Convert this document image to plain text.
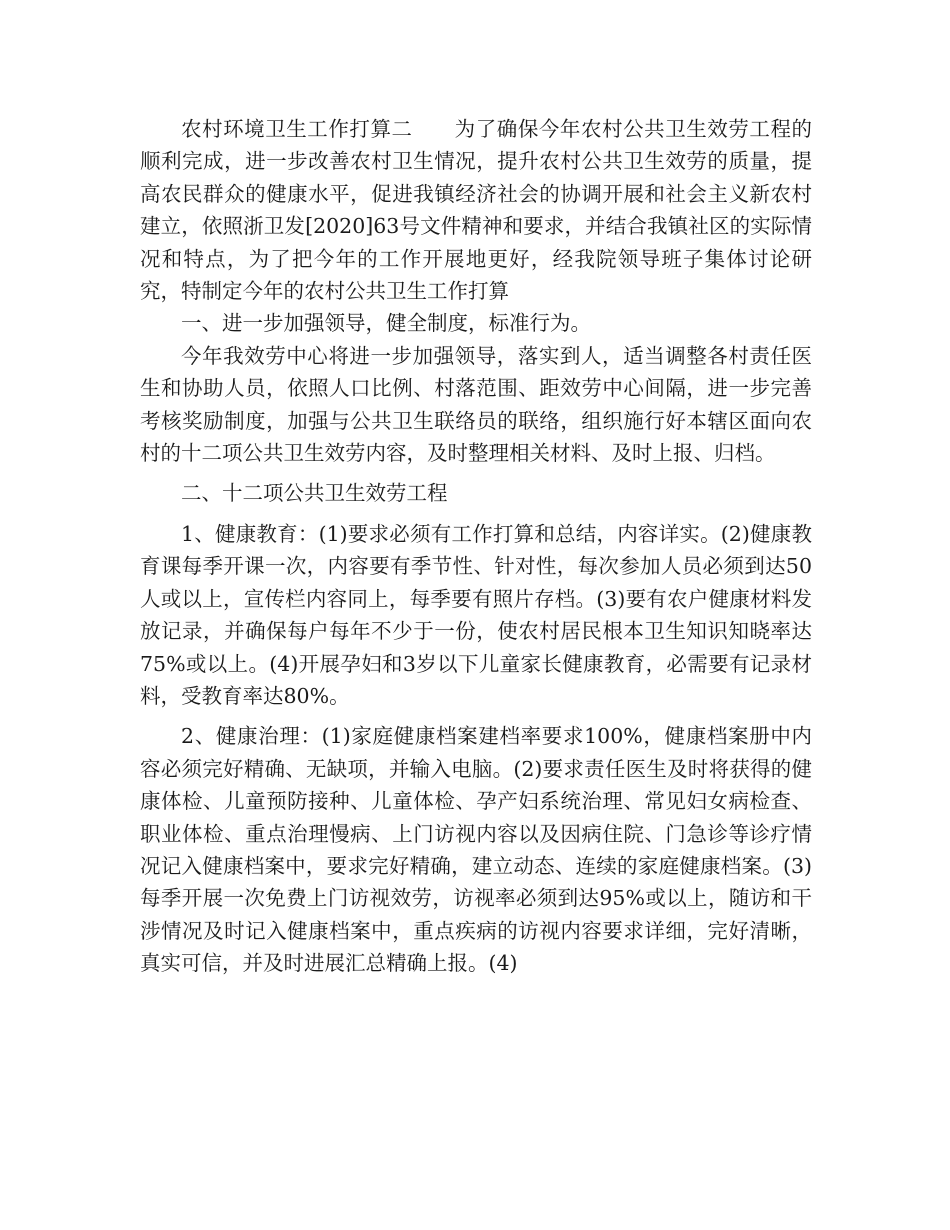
农村环境卫生工作打算二　　为了确保今年农村公共卫生效劳工程的顺利完成，进一步改善农村卫生情况，提升农村公共卫生效劳的质量，提高农民群众的健康水平，促进我镇经济社会的协调开展和社会主义新农村建立，依照浙卫发[2020]63号文件精神和要求，并结合我镇社区的实际情况和特点，为了把今年的工作开展地更好，经我院领导班子集体讨论研究，特制定今年的农村公共卫生工作打算

一、进一步加强领导，健全制度，标准行为。

今年我效劳中心将进一步加强领导，落实到人，适当调整各村责任医生和协助人员，依照人口比例、村落范围、距效劳中心间隔，进一步完善考核奖励制度，加强与公共卫生联络员的联络，组织施行好本辖区面向农村的十二项公共卫生效劳内容，及时整理相关材料、及时上报、归档。

二、十二项公共卫生效劳工程

1、健康教育：(1)要求必须有工作打算和总结，内容详实。(2)健康教育课每季开课一次，内容要有季节性、针对性，每次参加人员必须到达50人或以上，宣传栏内容同上，每季要有照片存档。(3)要有农户健康材料发放记录，并确保每户每年不少于一份，使农村居民根本卫生知识知晓率达75%或以上。(4)开展孕妇和3岁以下儿童家长健康教育，必需要有记录材料，受教育率达80%。

2、健康治理：(1)家庭健康档案建档率要求100%，健康档案册中内容必须完好精确、无缺项，并输入电脑。(2)要求责任医生及时将获得的健康体检、儿童预防接种、儿童体检、孕产妇系统治理、常见妇女病检查、职业体检、重点治理慢病、上门访视内容以及因病住院、门急诊等诊疗情况记入健康档案中，要求完好精确，建立动态、连续的家庭健康档案。(3)每季开展一次免费上门访视效劳，访视率必须到达95%或以上，随访和干涉情况及时记入健康档案中，重点疾病的访视内容要求详细，完好清晰，真实可信，并及时进展汇总精确上报。(4)
